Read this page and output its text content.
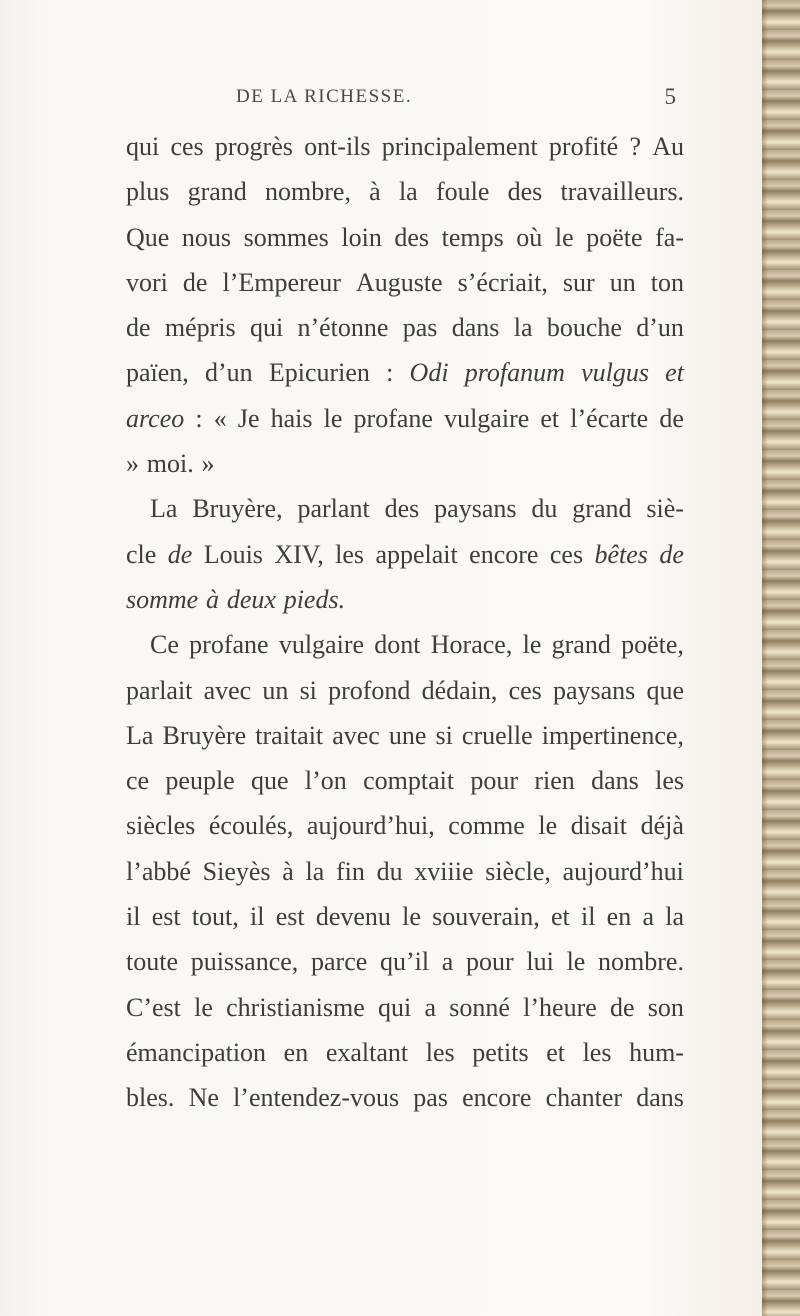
DE LA RICHESSE.	5
qui ces progrès ont-ils principalement profité ? Au
plus grand nombre, à la foule des travailleurs.
Que nous sommes loin des temps où le poëte fa-
vori de l’Empereur Auguste s’écriait, sur un ton
de mépris qui n’étonne pas dans la bouche d’un
païen, d’un Epicurien : Odi profanum vulgus et
arceo : « Je hais le profane vulgaire et l’écarte de
» moi. »
La Bruyère, parlant des paysans du grand siè-
cle de Louis XIV, les appelait encore ces bêtes de
somme à deux pieds.
Ce profane vulgaire dont Horace, le grand poëte,
parlait avec un si profond dédain, ces paysans que
La Bruyère traitait avec une si cruelle impertinence,
ce peuple que l’on comptait pour rien dans les
siècles écoulés, aujourd’hui, comme le disait déjà
l’abbé Sieyès à la fin du xviiie siècle, aujourd’hui
il est tout, il est devenu le souverain, et il en a la
toute puissance, parce qu’il a pour lui le nombre.
C’est le christianisme qui a sonné l’heure de son
émancipation en exaltant les petits et les hum-
bles. Ne l’entendez-vous pas encore chanter dans
